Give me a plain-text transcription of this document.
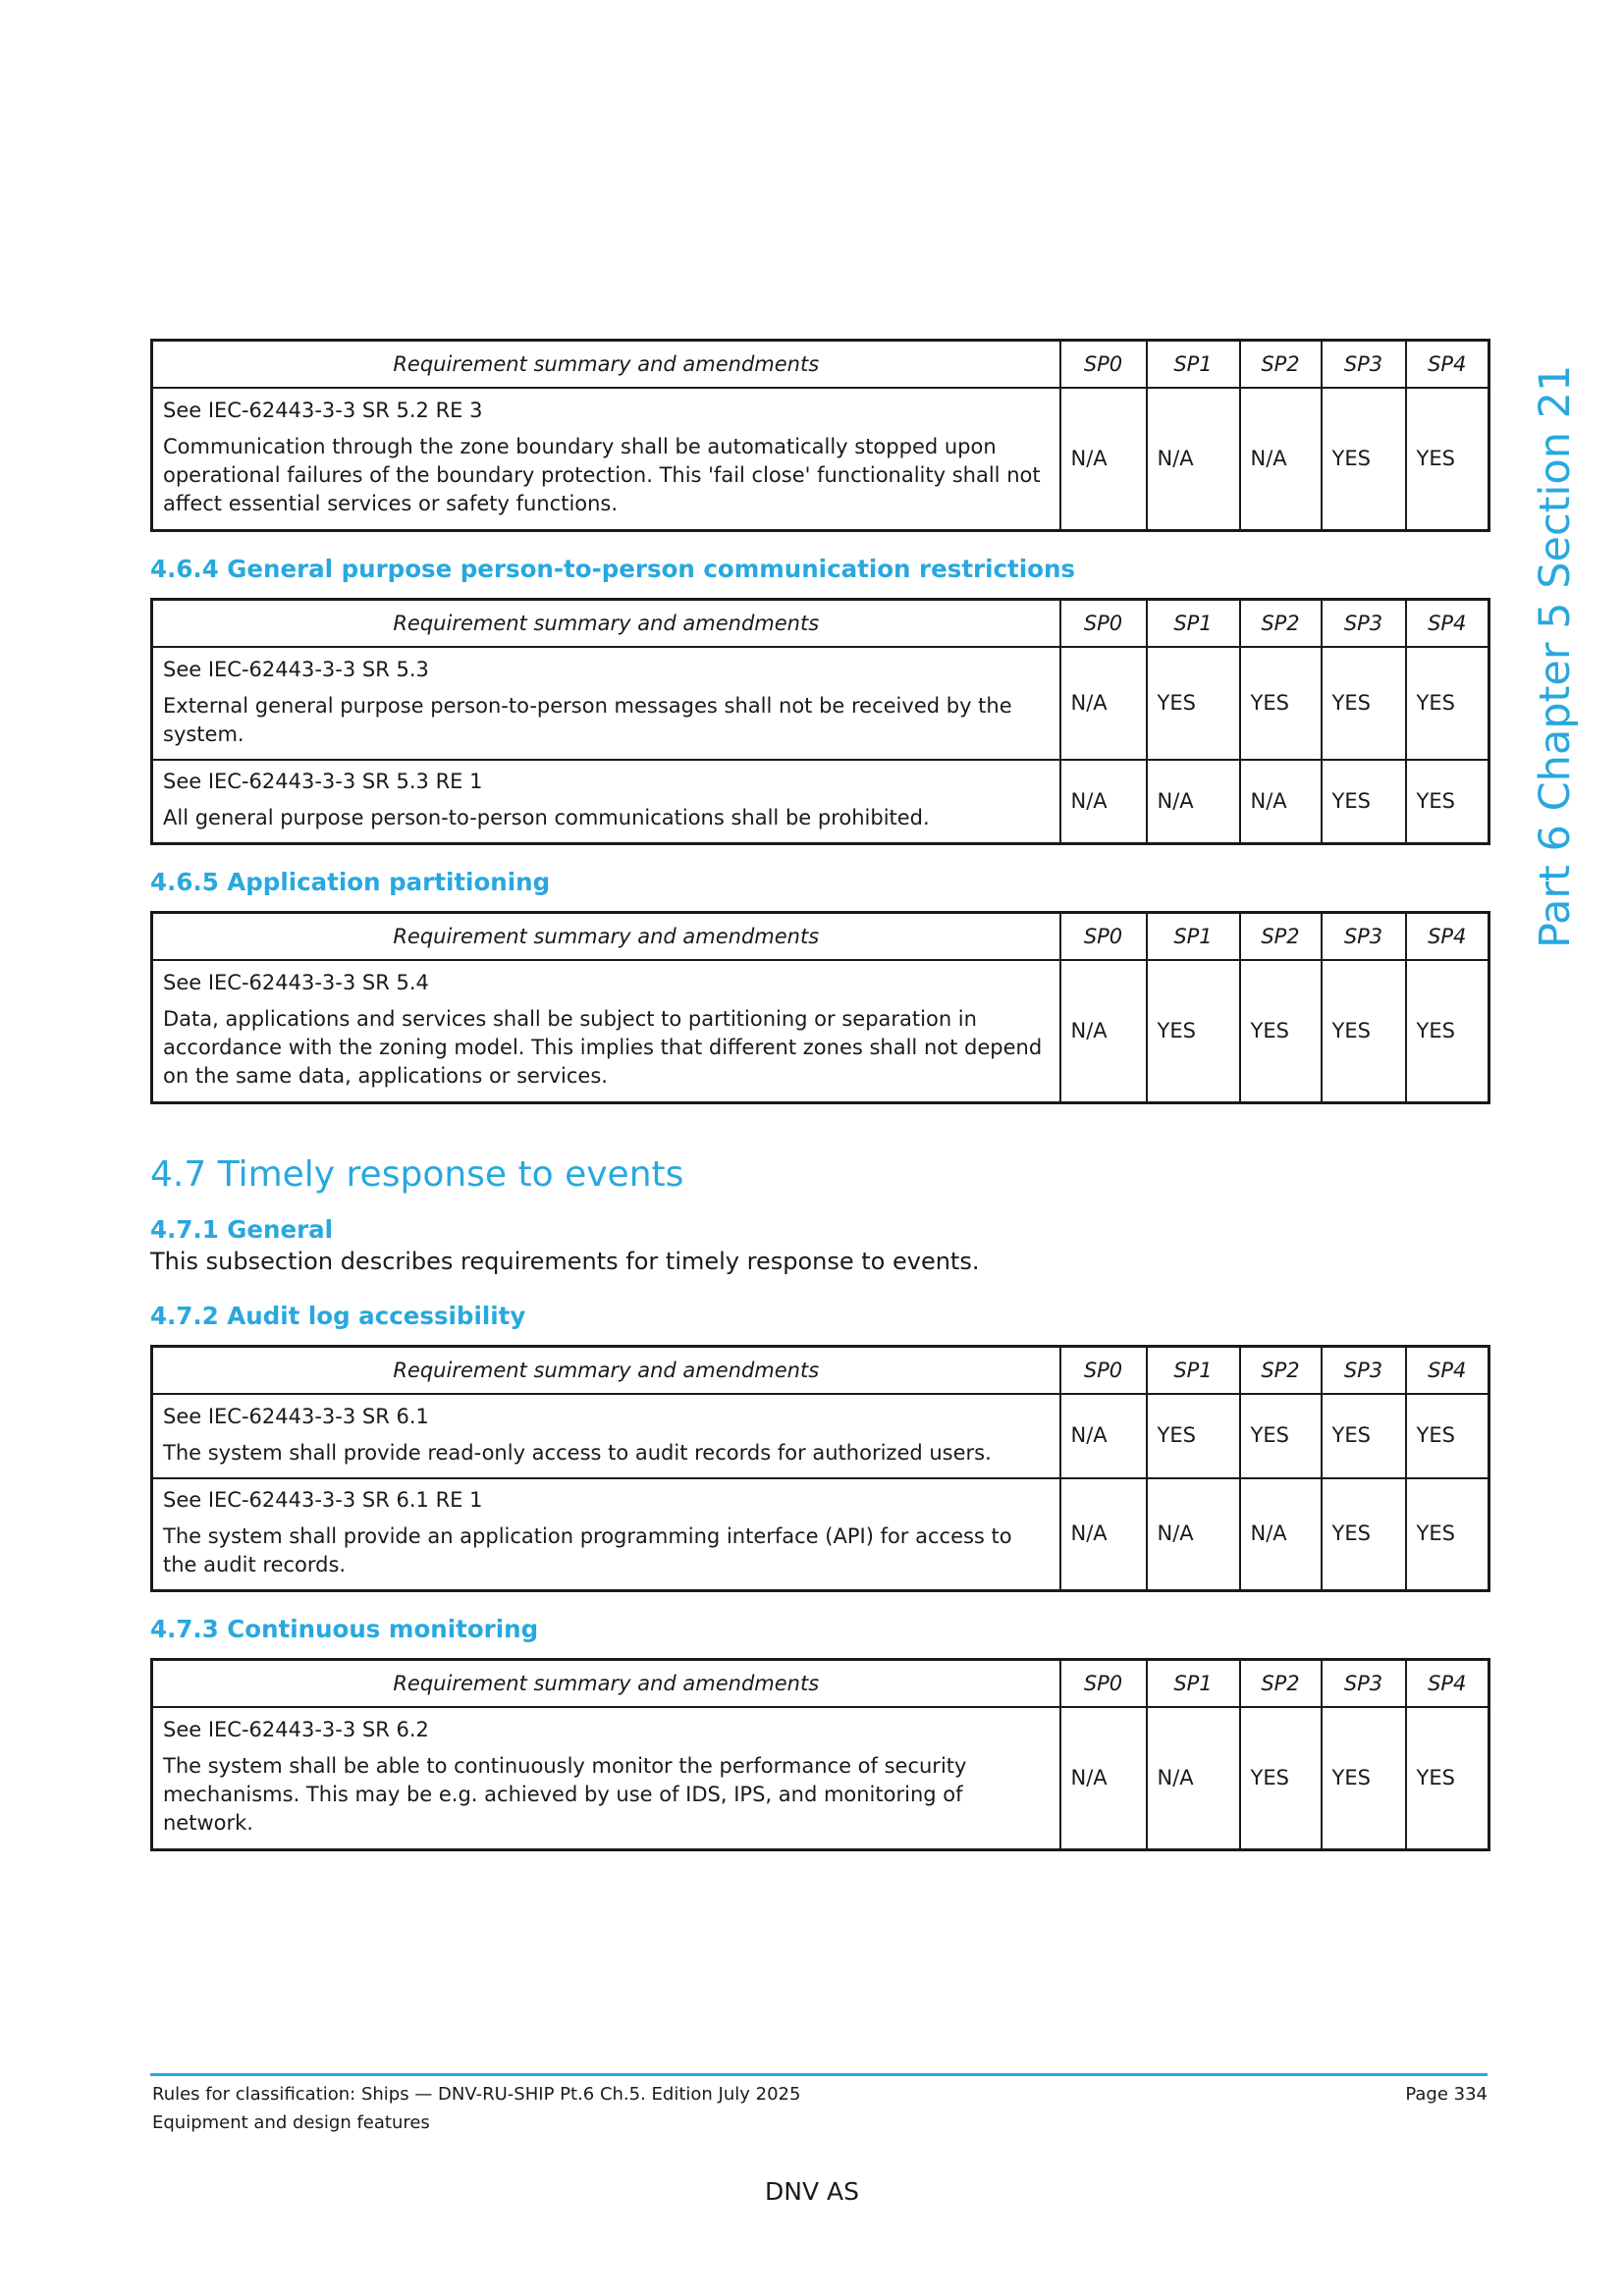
Part 6 Chapter 5 Section 21
Requirement summary and amendments	SP0	SP1	SP2	SP3	SP4

See IEC-62443-3-3 SR 5.2 RE 3
Communication through the zone boundary shall be automatically stopped upon operational failures of the boundary protection. This 'fail close' functionality shall not affect essential services or safety functions.	N/A	N/A	N/A	YES	YES
4.6.4 General purpose person-to-person communication restrictions
Requirement summary and amendments	SP0	SP1	SP2	SP3	SP4

See IEC-62443-3-3 SR 5.3
External general purpose person-to-person messages shall not be received by the system.	N/A	YES	YES	YES	YES

See IEC-62443-3-3 SR 5.3 RE 1
All general purpose person-to-person communications shall be prohibited.	N/A	N/A	N/A	YES	YES
4.6.5 Application partitioning
Requirement summary and amendments	SP0	SP1	SP2	SP3	SP4

See IEC-62443-3-3 SR 5.4
Data, applications and services shall be subject to partitioning or separation in accordance with the zoning model. This implies that different zones shall not depend on the same data, applications or services.	N/A	YES	YES	YES	YES
4.7 Timely response to events
4.7.1 General

This subsection describes requirements for timely response to events.

4.7.2 Audit log accessibility
Requirement summary and amendments	SP0	SP1	SP2	SP3	SP4

See IEC-62443-3-3 SR 6.1
The system shall provide read-only access to audit records for authorized users.	N/A	YES	YES	YES	YES

See IEC-62443-3-3 SR 6.1 RE 1
The system shall provide an application programming interface (API) for access to the audit records.	N/A	N/A	N/A	YES	YES
4.7.3 Continuous monitoring
Requirement summary and amendments	SP0	SP1	SP2	SP3	SP4

See IEC-62443-3-3 SR 6.2
The system shall be able to continuously monitor the performance of security mechanisms. This may be e.g. achieved by use of IDS, IPS, and monitoring of network.	N/A	N/A	YES	YES	YES
Rules for classification: Ships — DNV-RU-SHIP Pt.6 Ch.5. Edition July 2025
Equipment and design features
Page 334
DNV AS
